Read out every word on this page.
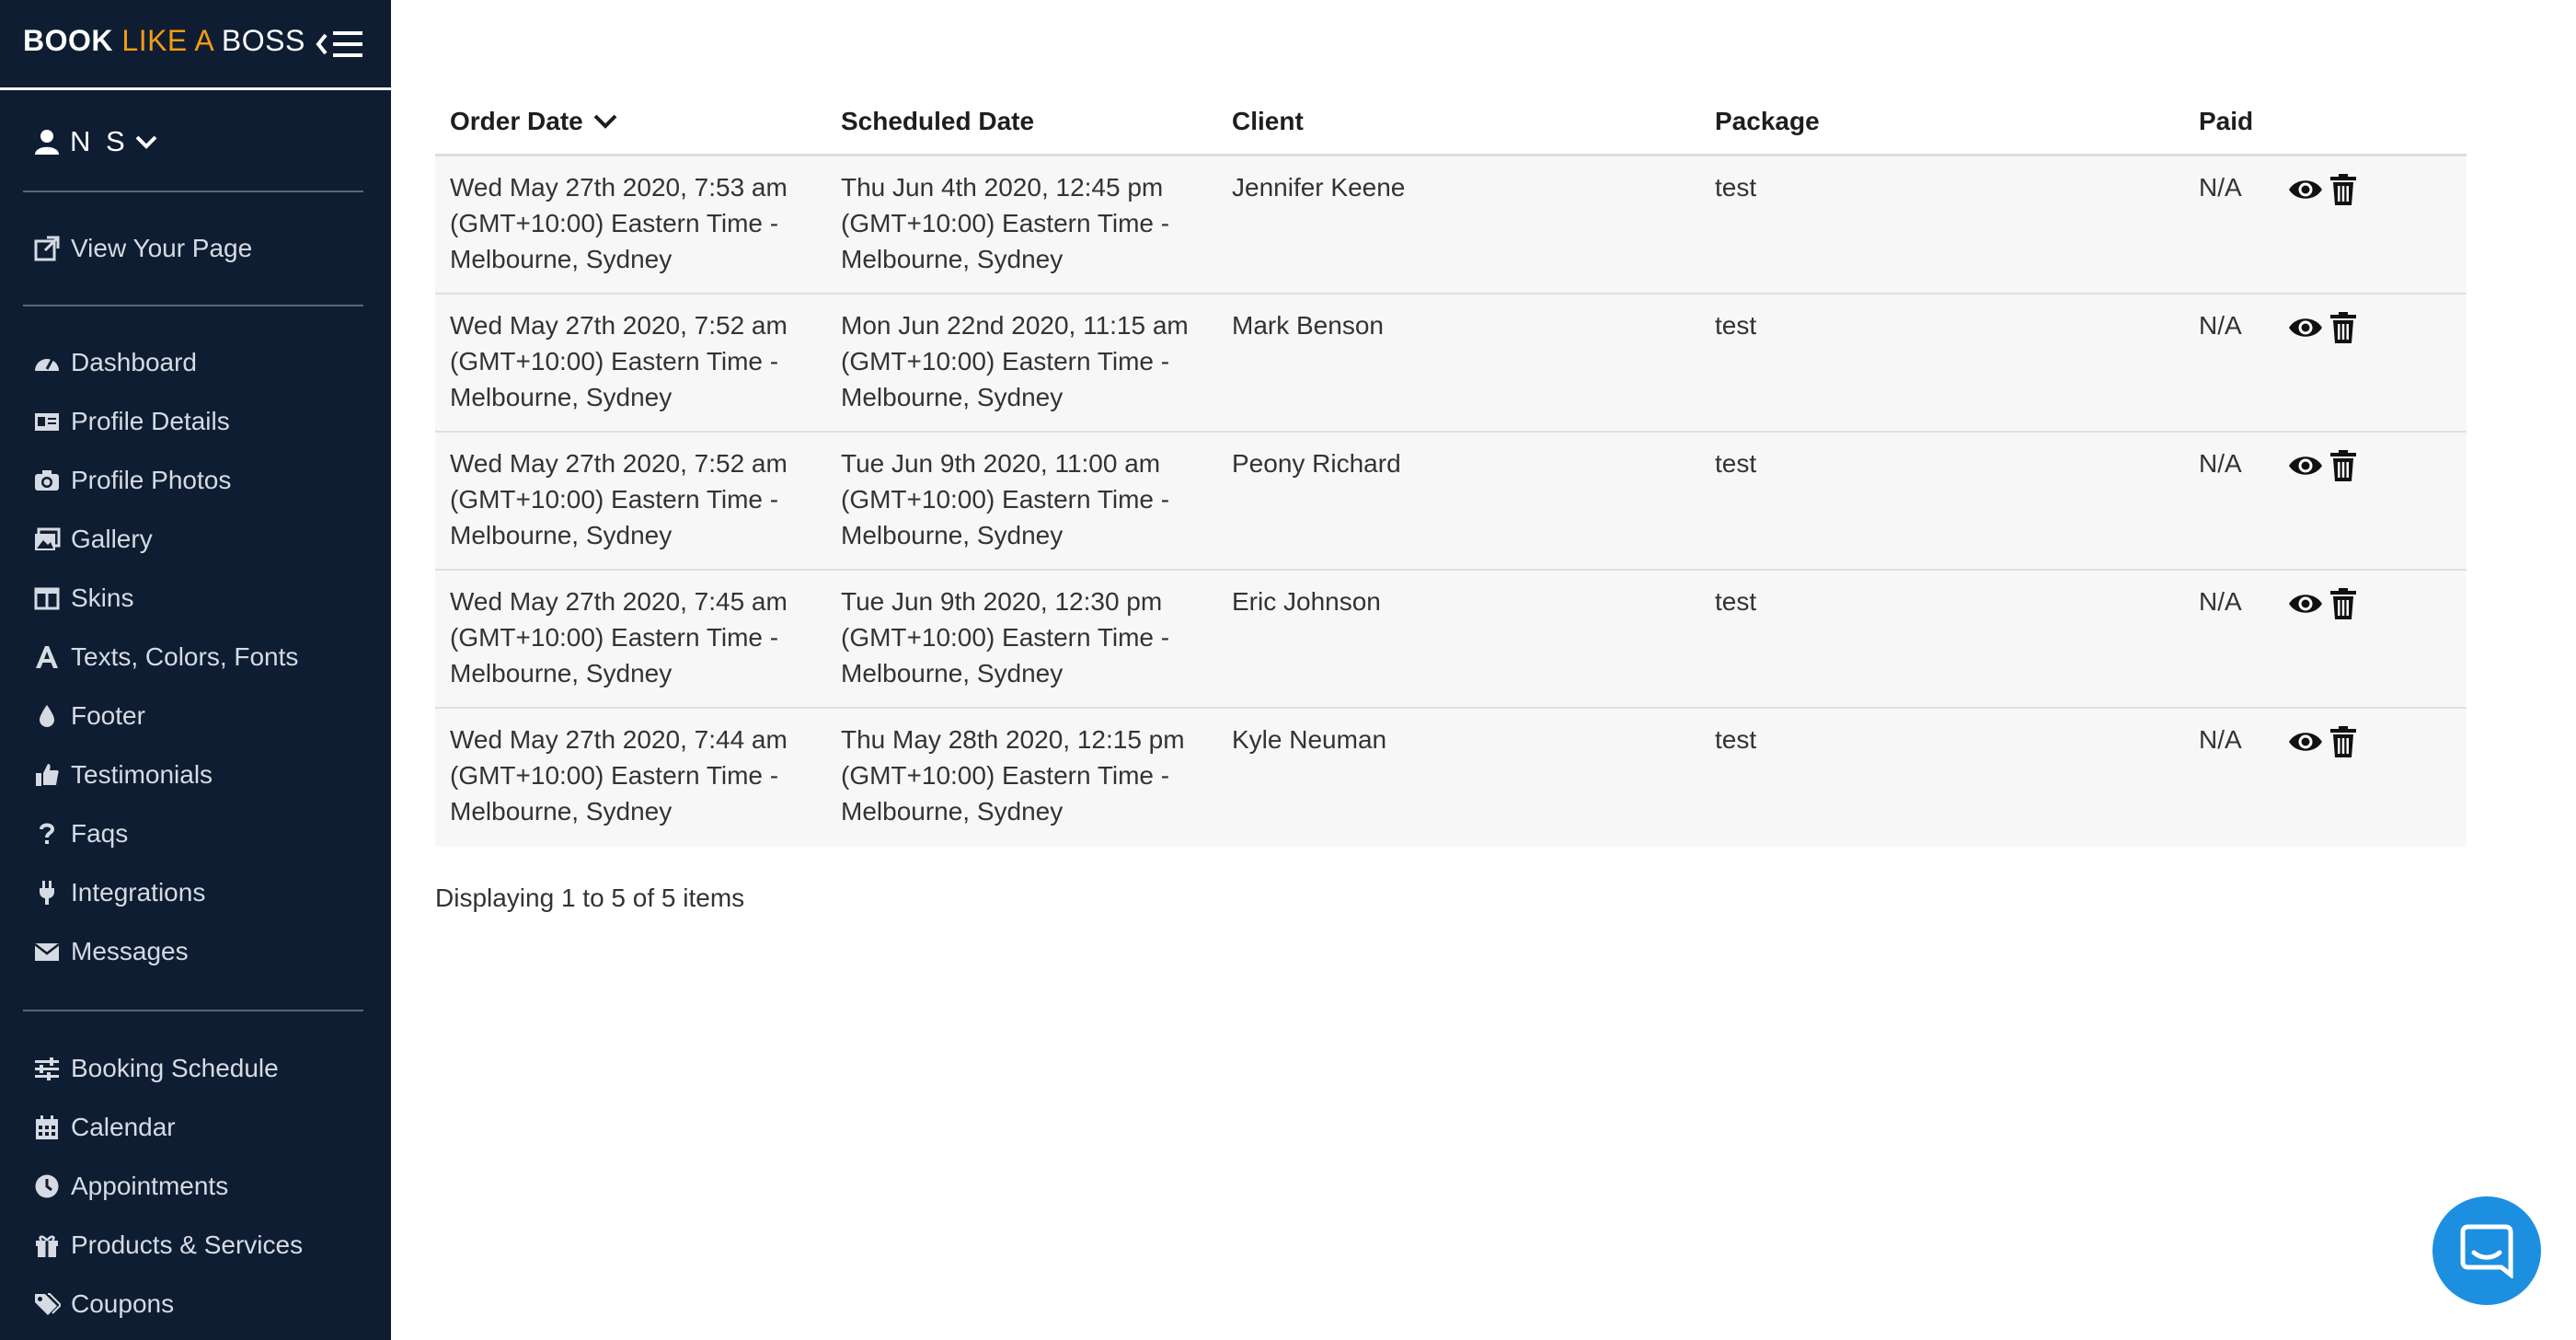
BOOK LIKE A BOSS
N S
View Your Page
Dashboard
Profile Details
Profile Photos
Gallery
Skins
Texts, Colors, Fonts
Footer
Testimonials
Faqs
Integrations
Messages
Booking Schedule
Calendar
Appointments
Products & Services
Coupons
Order Date	Scheduled Date	Client	Package	Paid
Wed May 27th 2020, 7:53 am
(GMT+10:00) Eastern Time -
Melbourne, Sydney
Thu Jun 4th 2020, 12:45 pm
(GMT+10:00) Eastern Time -
Melbourne, Sydney
Jennifer Keene	test	N/A
Wed May 27th 2020, 7:52 am
(GMT+10:00) Eastern Time -
Melbourne, Sydney
Mon Jun 22nd 2020, 11:15 am
(GMT+10:00) Eastern Time -
Melbourne, Sydney
Mark Benson	test	N/A
Wed May 27th 2020, 7:52 am
(GMT+10:00) Eastern Time -
Melbourne, Sydney
Tue Jun 9th 2020, 11:00 am
(GMT+10:00) Eastern Time -
Melbourne, Sydney
Peony Richard	test	N/A
Wed May 27th 2020, 7:45 am
(GMT+10:00) Eastern Time -
Melbourne, Sydney
Tue Jun 9th 2020, 12:30 pm
(GMT+10:00) Eastern Time -
Melbourne, Sydney
Eric Johnson	test	N/A
Wed May 27th 2020, 7:44 am
(GMT+10:00) Eastern Time -
Melbourne, Sydney
Thu May 28th 2020, 12:15 pm
(GMT+10:00) Eastern Time -
Melbourne, Sydney
Kyle Neuman	test	N/A
Displaying 1 to 5 of 5 items
